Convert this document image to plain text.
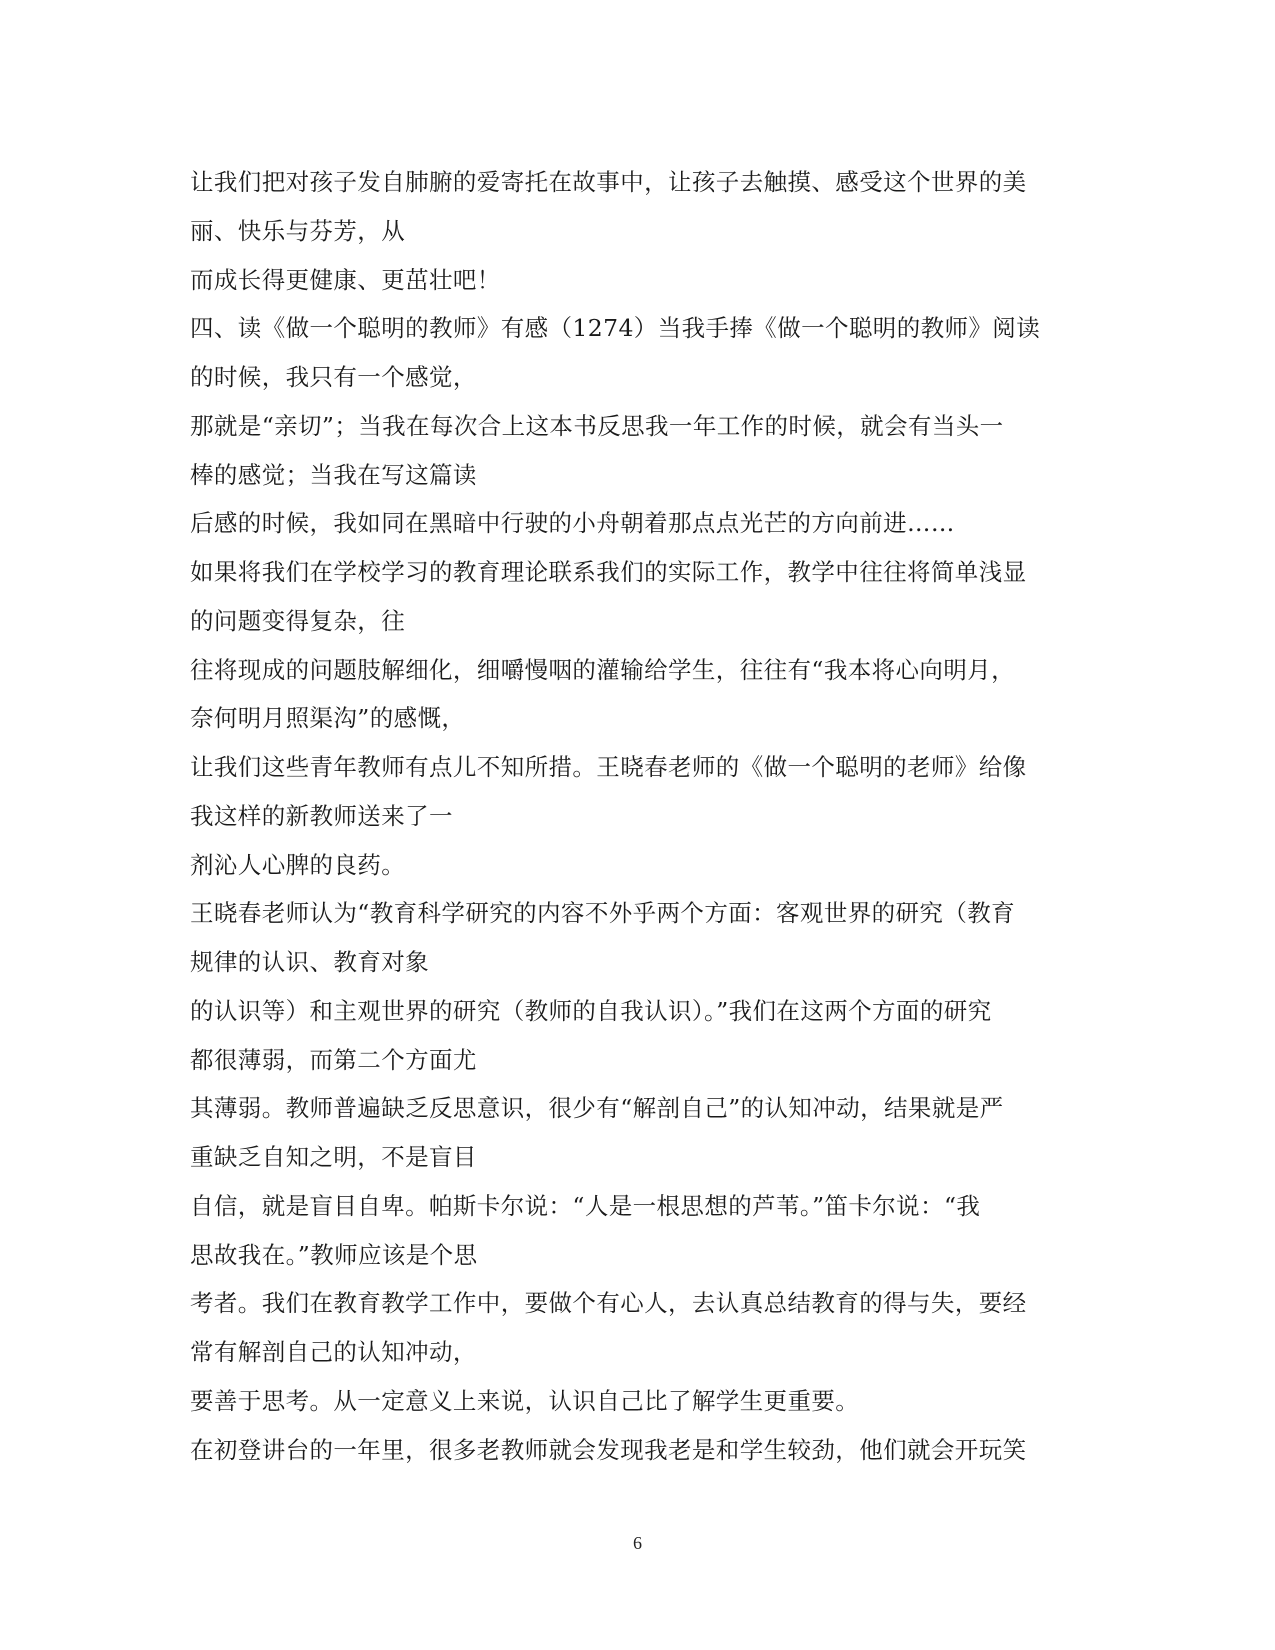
让我们把对孩子发自肺腑的爱寄托在故事中，让孩子去触摸、感受这个世界的美
丽、快乐与芬芳，从
而成长得更健康、更茁壮吧！
四、读《做一个聪明的教师》有感（1274）当我手捧《做一个聪明的教师》阅读
的时候，我只有一个感觉，
那就是“亲切”；当我在每次合上这本书反思我一年工作的时候，就会有当头一
棒的感觉；当我在写这篇读
后感的时候，我如同在黑暗中行驶的小舟朝着那点点光芒的方向前进……
如果将我们在学校学习的教育理论联系我们的实际工作，教学中往往将简单浅显
的问题变得复杂，往
往将现成的问题肢解细化，细嚼慢咽的灌输给学生，往往有“我本将心向明月，
奈何明月照渠沟”的感慨，
让我们这些青年教师有点儿不知所措。王晓春老师的《做一个聪明的老师》给像
我这样的新教师送来了一
剂沁人心脾的良药。
王晓春老师认为“教育科学研究的内容不外乎两个方面：客观世界的研究（教育
规律的认识、教育对象
的认识等）和主观世界的研究（教师的自我认识）。”我们在这两个方面的研究
都很薄弱，而第二个方面尤
其薄弱。教师普遍缺乏反思意识，很少有“解剖自己”的认知冲动，结果就是严
重缺乏自知之明，不是盲目
自信，就是盲目自卑。帕斯卡尔说：“人是一根思想的芦苇。”笛卡尔说：“我
思故我在。”教师应该是个思
考者。我们在教育教学工作中，要做个有心人，去认真总结教育的得与失，要经
常有解剖自己的认知冲动，
要善于思考。从一定意义上来说，认识自己比了解学生更重要。
在初登讲台的一年里，很多老教师就会发现我老是和学生较劲，他们就会开玩笑
6
